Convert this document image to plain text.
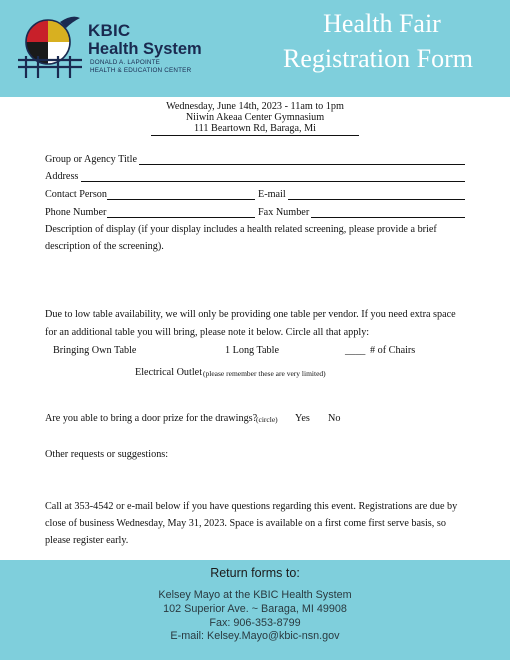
KBIC
Health System
DONALD A. LAPOINTE
HEALTH & EDUCATION CENTER
Health Fair
Registration Form
Wednesday, June 14th, 2023 - 11am to 1pm
Niiwin Akeaa Center Gymnasium
111 Beartown Rd, Baraga, Mi
Group or Agency Title
Address
Contact Person	E-mail
Phone Number	Fax Number
Description of display (if your display includes a health related screening, please provide a brief
description of the screening).
Due to low table availability, we will only be providing one table per vendor. If you need extra space
for an additional table you will bring, please note it below. Circle all that apply:
Bringing Own Table	1 Long Table	____ # of Chairs
Electrical Outlet (please remember these are very limited)
Are you able to bring a door prize for the drawings?
(circle) Yes No
Other requests or suggestions:
Call at 353-4542 or e-mail below if you have questions regarding this event. Registrations are due by
close of business Wednesday, May 31, 2023. Space is available on a first come first serve basis, so
please register early.
Return forms to:
Kelsey Mayo at the KBIC Health System
102 Superior Ave. ~ Baraga, MI 49908
Fax: 906-353-8799
E-mail: Kelsey.Mayo@kbic-nsn.gov
